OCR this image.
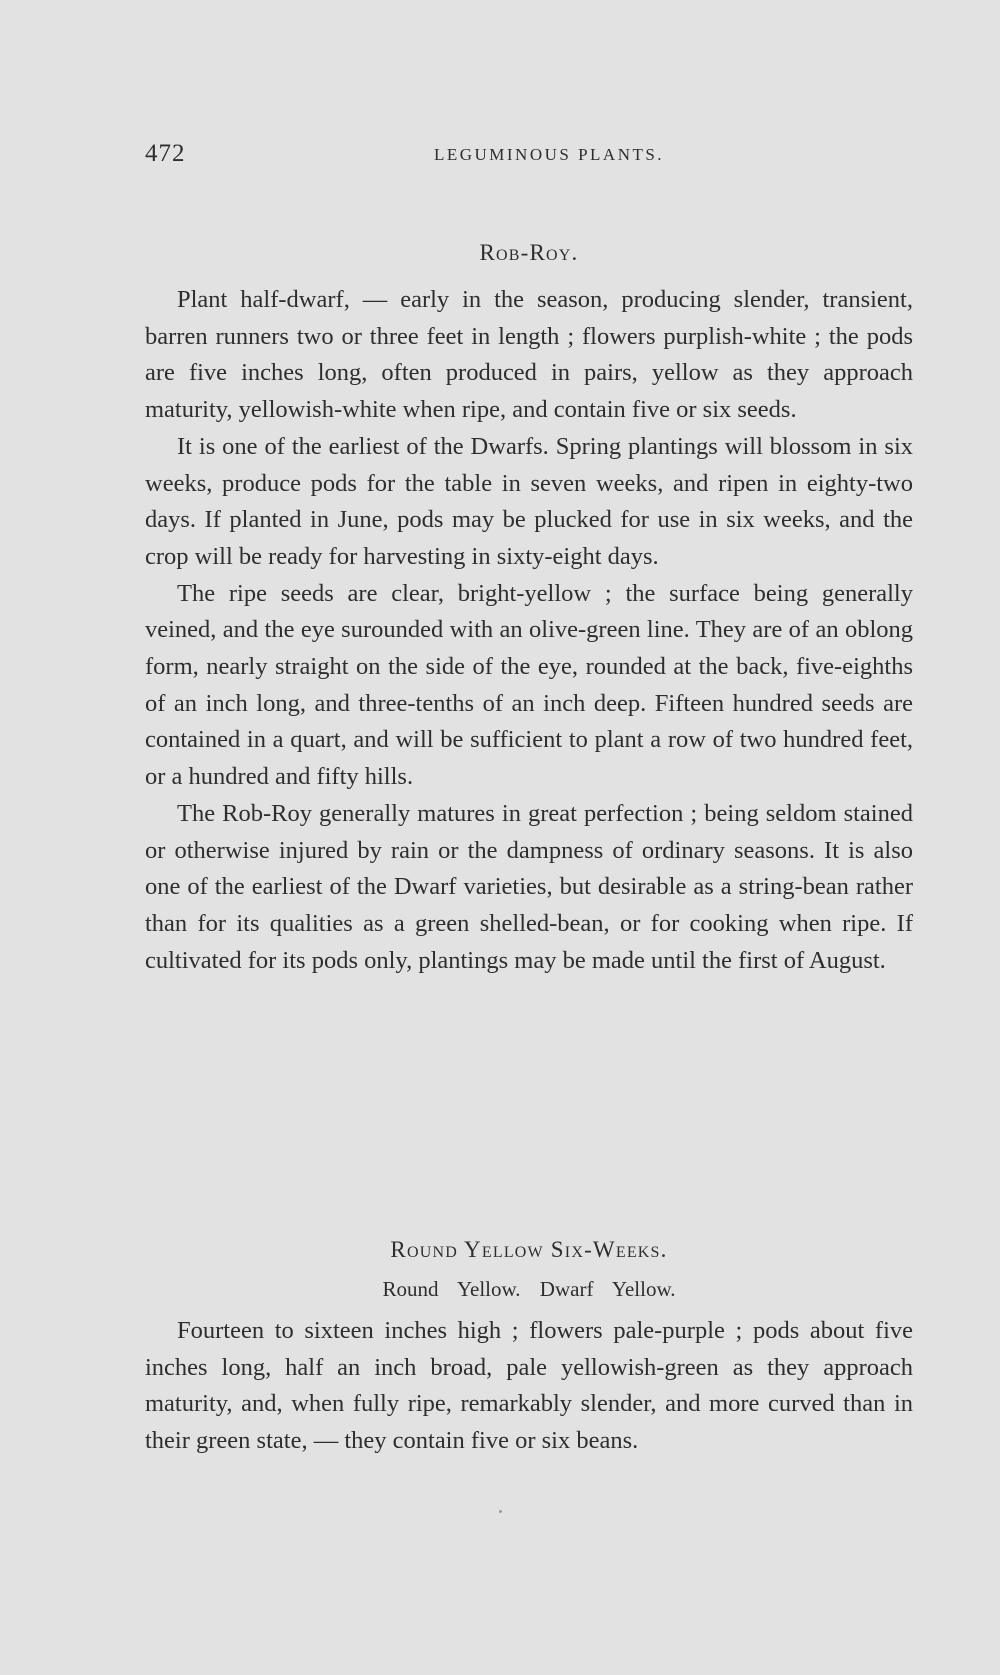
472	LEGUMINOUS PLANTS.
Rob-Roy.

Plant half-dwarf, — early in the season, producing slender, transient, barren runners two or three feet in length ; flowers purplish-white ; the pods are five inches long, often produced in pairs, yellow as they approach maturity, yellowish-white when ripe, and contain five or six seeds.

It is one of the earliest of the Dwarfs. Spring plantings will blossom in six weeks, produce pods for the table in seven weeks, and ripen in eighty-two days. If planted in June, pods may be plucked for use in six weeks, and the crop will be ready for harvesting in sixty-eight days.

The ripe seeds are clear, bright-yellow ; the surface being generally veined, and the eye surounded with an olive-green line. They are of an oblong form, nearly straight on the side of the eye, rounded at the back, five-eighths of an inch long, and three-tenths of an inch deep. Fifteen hundred seeds are contained in a quart, and will be sufficient to plant a row of two hundred feet, or a hundred and fifty hills.

The Rob-Roy generally matures in great perfection ; being seldom stained or otherwise injured by rain or the dampness of ordinary seasons. It is also one of the earliest of the Dwarf varieties, but desirable as a string-bean rather than for its qualities as a green shelled-bean, or for cooking when ripe. If cultivated for its pods only, plantings may be made until the first of August.

Round Yellow Six-Weeks.

Round Yellow. Dwarf Yellow.

Fourteen to sixteen inches high ; flowers pale-purple ; pods about five inches long, half an inch broad, pale yellowish-green as they approach maturity, and, when fully ripe, remarkably slender, and more curved than in their green state, — they contain five or six beans.
